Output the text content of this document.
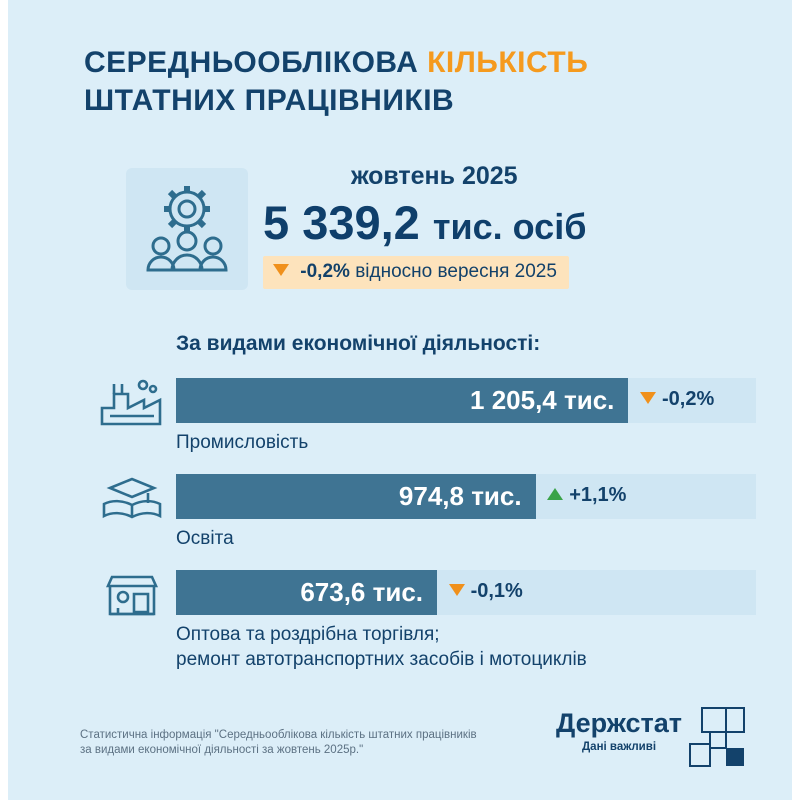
СЕРЕДНЬООБЛІКОВА КІЛЬКІСТЬ
ШТАТНИХ ПРАЦІВНИКІВ
жовтень 2025
5 339,2 тис. осіб
-0,2% відносно вересня 2025
За видами економічної діяльності:
1 205,4 тис.	-0,2%
Промисловість
974,8 тис.	+1,1%
Освіта
673,6 тис.	-0,1%
Оптова та роздрібна торгівля;
ремонт автотранспортних засобів і мотоциклів
Статистична інформація "Середньооблікова кількість штатних працівників
за видами економічної діяльності за жовтень 2025р."
Держстат
Дані важливі
